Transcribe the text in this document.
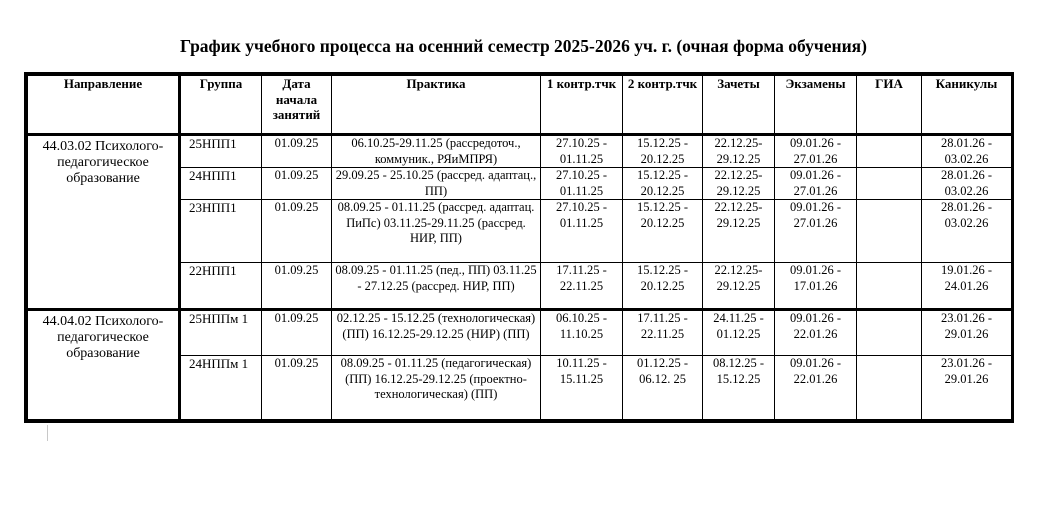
График учебного процесса на осенний семестр 2025-2026 уч. г. (очная форма обучения)
Направление	Группа	Дата начала занятий	Практика	1 контр.тчк	2 контр.тчк	Зачеты	Экзамены	ГИА	Каникулы
44.03.02 Психолого-педагогическое образование	25НПП1	01.09.25	06.10.25-29.11.25 (рассредоточ., коммуник., РЯиМПРЯ)	27.10.25 - 01.11.25	15.12.25 - 20.12.25	22.12.25- 29.12.25	09.01.26 - 27.01.26		28.01.26 - 03.02.26
	24НПП1	01.09.25	29.09.25 - 25.10.25 (рассред. адаптац., ПП)	27.10.25 - 01.11.25	15.12.25 - 20.12.25	22.12.25- 29.12.25	09.01.26 - 27.01.26		28.01.26 - 03.02.26
	23НПП1	01.09.25	08.09.25 - 01.11.25 (рассред. адаптац. ПиПс) 03.11.25-29.11.25 (рассред. НИР, ПП)	27.10.25 - 01.11.25	15.12.25 - 20.12.25	22.12.25- 29.12.25	09.01.26 - 27.01.26		28.01.26 - 03.02.26
	22НПП1	01.09.25	08.09.25 - 01.11.25 (пед., ПП) 03.11.25 - 27.12.25 (рассред. НИР, ПП)	17.11.25 - 22.11.25	15.12.25 - 20.12.25	22.12.25- 29.12.25	09.01.26 - 17.01.26		19.01.26 - 24.01.26
44.04.02 Психолого-педагогическое образование	25НППм 1	01.09.25	02.12.25 - 15.12.25 (технологическая) (ПП) 16.12.25-29.12.25 (НИР) (ПП)	06.10.25 - 11.10.25	17.11.25 - 22.11.25	24.11.25 - 01.12.25	09.01.26 - 22.01.26		23.01.26 - 29.01.26
	24НППм 1	01.09.25	08.09.25 - 01.11.25 (педагогическая) (ПП) 16.12.25-29.12.25 (проектно-технологическая) (ПП)	10.11.25 - 15.11.25	01.12.25 - 06.12. 25	08.12.25 - 15.12.25	09.01.26 - 22.01.26		23.01.26 - 29.01.26
